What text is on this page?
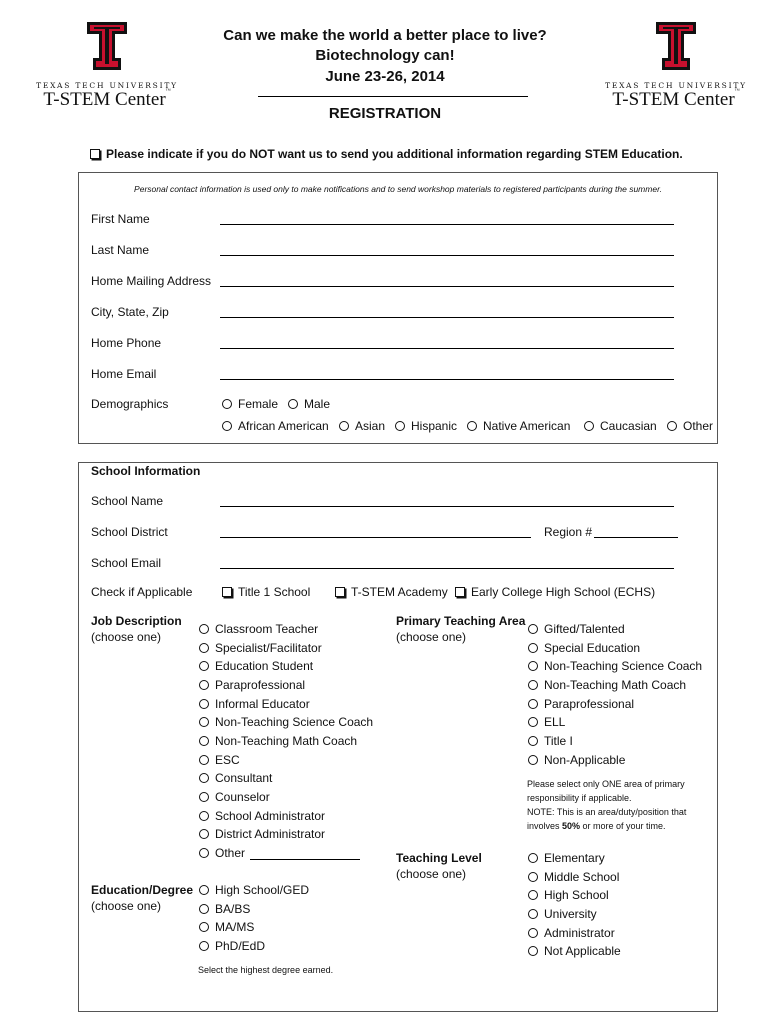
TEXAS TECH UNIVERSITY
T-STEM Center™
TEXAS TECH UNIVERSITY
T-STEM Center™
Can we make the world a better place to live?
Biotechnology can!
June 23-26, 2014
REGISTRATION
Please indicate if you do NOT want us to send you additional information regarding STEM Education.
Personal contact information is used only to make notifications and to send workshop materials to registered participants during the summer.
First Name
Last Name
Home Mailing Address
City, State, Zip
Home Phone
Home Email
Demographics	Female	Male
African American	Asian	Hispanic	Native American	Caucasian	Other
School Information
School Name
School District	Region #
School Email
Check if Applicable	Title 1 School	T-STEM Academy	Early College High School (ECHS)
Job Description
(choose one)
Classroom Teacher
Specialist/Facilitator
Education Student
Paraprofessional
Informal Educator
Non-Teaching Science Coach
Non-Teaching Math Coach
ESC
Consultant
Counselor
School Administrator
District Administrator
Other
Primary Teaching Area
(choose one)
Gifted/Talented
Special Education
Non-Teaching Science Coach
Non-Teaching Math Coach
Paraprofessional
ELL
Title I
Non-Applicable
Please select only ONE area of primary
responsibility if applicable.
NOTE: This is an area/duty/position that
involves 50% or more of your time.
Teaching Level
(choose one)
Elementary
Middle School
High School
University
Administrator
Not Applicable
Education/Degree
(choose one)
High School/GED
BA/BS
MA/MS
PhD/EdD
Select the highest degree earned.
